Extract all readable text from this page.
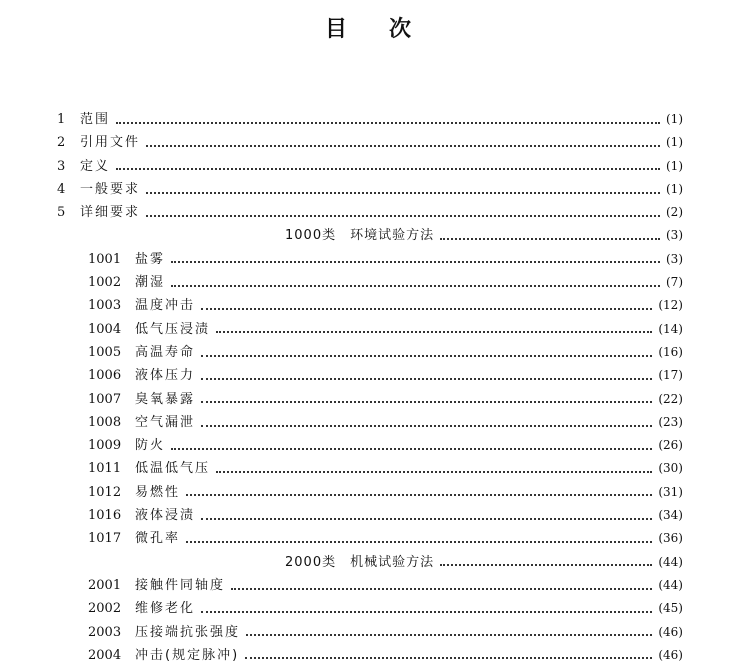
目 次
1 范围	(1)
2 引用文件	(1)
3 定义	(1)
4 一般要求	(1)
5 详细要求	(2)
1000类　环境试验方法	(3)
1001 盐雾	(3)
1002 潮湿	(7)
1003 温度冲击	(12)
1004 低气压浸渍	(14)
1005 高温寿命	(16)
1006 液体压力	(17)
1007 臭氧暴露	(22)
1008 空气漏泄	(23)
1009 防火	(26)
1011 低温低气压	(30)
1012 易燃性	(31)
1016 液体浸渍	(34)
1017 微孔率	(36)
2000类　机械试验方法	(44)
2001 接触件同轴度	(44)
2002 维修老化	(45)
2003 压接端抗张强度	(46)
2004 冲击(规定脉冲)	(46)
